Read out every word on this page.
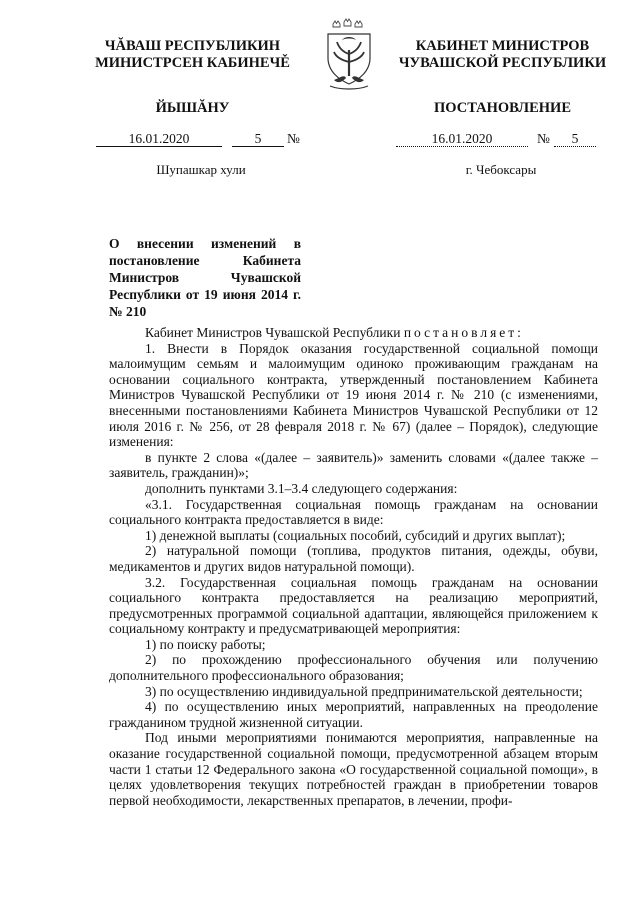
ЧĂВАШ РЕСПУБЛИКИН
МИНИСТРСЕН КАБИНЕЧĚ
ЙЫШĂНУ
КАБИНЕТ МИНИСТРОВ
ЧУВАШСКОЙ РЕСПУБЛИКИ
ПОСТАНОВЛЕНИЕ
16.01.2020	5	№	16.01.2020	№	5
Шупашкар хули	г. Чебоксары
О внесении изменений в постановление Кабинета Министров Чувашской Республики от 19 июня 2014 г. № 210

Кабинет Министров Чувашской Республики постановляет:

1. Внести в Порядок оказания государственной социальной помощи малоимущим семьям и малоимущим одиноко проживающим гражданам на основании социального контракта, утвержденный постановлением Кабинета Министров Чувашской Республики от 19 июня 2014 г. № 210 (с изменениями, внесенными постановлениями Кабинета Министров Чувашской Республики от 12 июля 2016 г. № 256, от 28 февраля 2018 г. № 67) (далее – Порядок), следующие изменения:

в пункте 2 слова «(далее – заявитель)» заменить словами «(далее также – заявитель, гражданин)»;

дополнить пунктами 3.1–3.4 следующего содержания:

«3.1. Государственная социальная помощь гражданам на основании социального контракта предоставляется в виде:

1) денежной выплаты (социальных пособий, субсидий и других выплат);

2) натуральной помощи (топлива, продуктов питания, одежды, обуви, медикаментов и других видов натуральной помощи).

3.2. Государственная социальная помощь гражданам на основании социального контракта предоставляется на реализацию мероприятий, предусмотренных программой социальной адаптации, являющейся приложением к социальному контракту и предусматривающей мероприятия:

1) по поиску работы;

2) по прохождению профессионального обучения или получению дополнительного профессионального образования;

3) по осуществлению индивидуальной предпринимательской деятельности;

4) по осуществлению иных мероприятий, направленных на преодоление гражданином трудной жизненной ситуации.

Под иными мероприятиями понимаются мероприятия, направленные на оказание государственной социальной помощи, предусмотренной абзацем вторым части 1 статьи 12 Федерального закона «О государственной социальной помощи», в целях удовлетворения текущих потребностей граждан в приобретении товаров первой необходимости, лекарственных препаратов, в лечении, профи-
